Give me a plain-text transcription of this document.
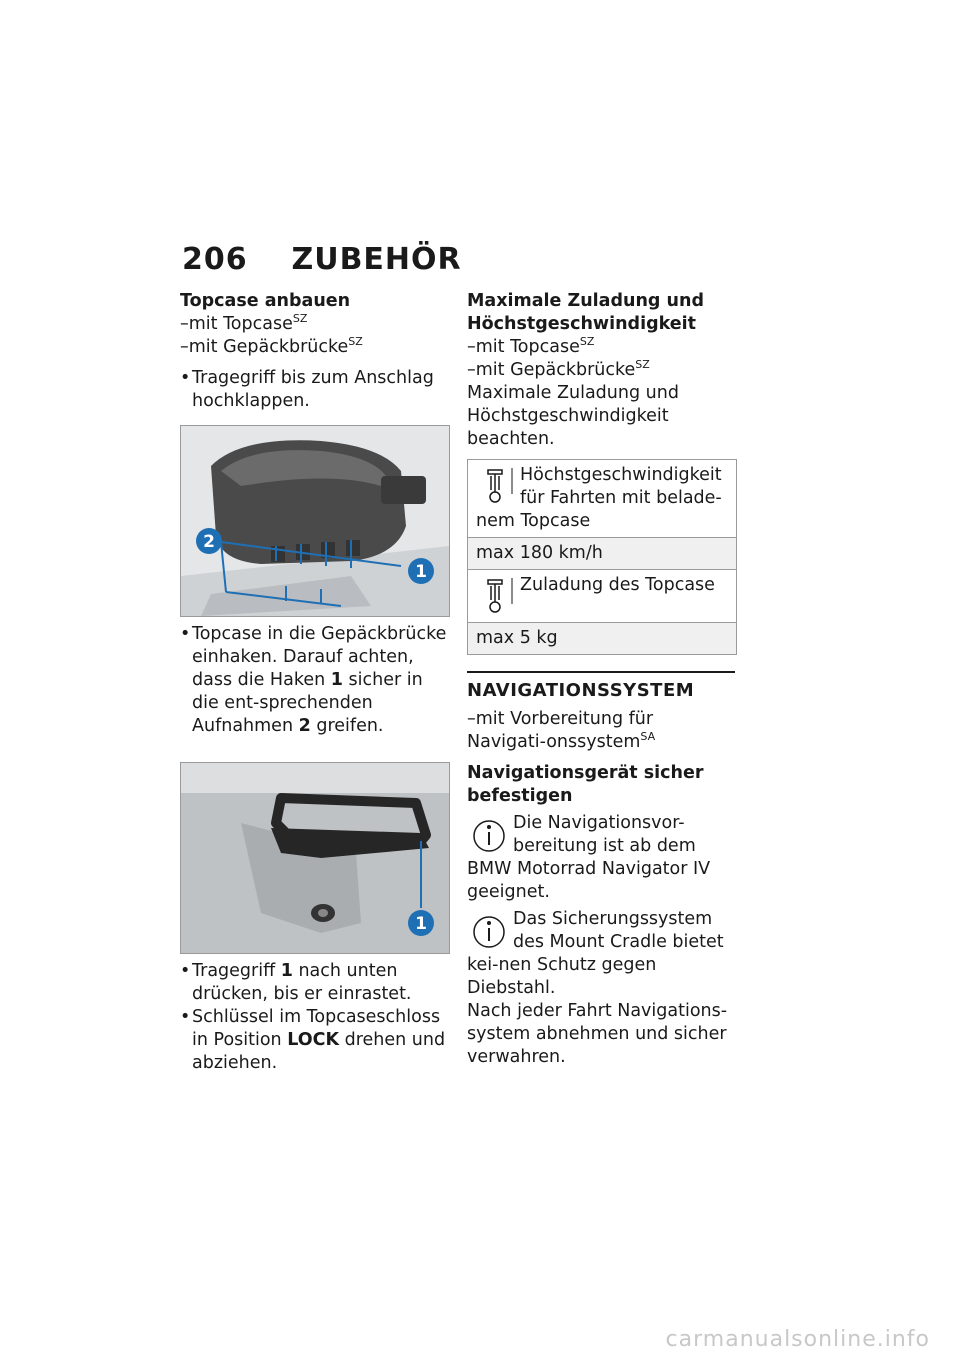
206 ZUBEHÖR

Topcase anbauen

–mit Topcase$^{SZ}$

–mit Gepäckbrücke$^{SZ}$

• Tragegriff bis zum Anschlag hochklappen.
2
1
• Topcase in die Gepäckbrücke einhaken. Darauf achten, dass die Haken 1 sicher in die ent-sprechenden Aufnahmen 2 greifen.
1
• Tragegriff 1 nach unten drücken, bis er einrastet.
• Schlüssel im Topcaseschloss in Position LOCK drehen und abziehen.

Maximale Zuladung und Höchstgeschwindigkeit

–mit Topcase$^{SZ}$

–mit Gepäckbrücke$^{SZ}$

Maximale Zuladung und Höchstgeschwindigkeit beachten.

Höchstgeschwindigkeit für Fahrten mit belade-nem Topcase
max 180 km/h
Zuladung des Topcase
max 5 kg
NAVIGATIONSSYSTEM

–mit Vorbereitung für Navigati-onssystem$^{SA}$

Navigationsgerät sicher befestigen

Die Navigationsvor-bereitung ist ab dem BMW Motorrad Navigator IV geeignet.
Das Sicherungssystem des Mount Cradle bietet kei-nen Schutz gegen Diebstahl.

Nach jeder Fahrt Navigations-system abnehmen und sicher verwahren.

carmanualsonline.info
